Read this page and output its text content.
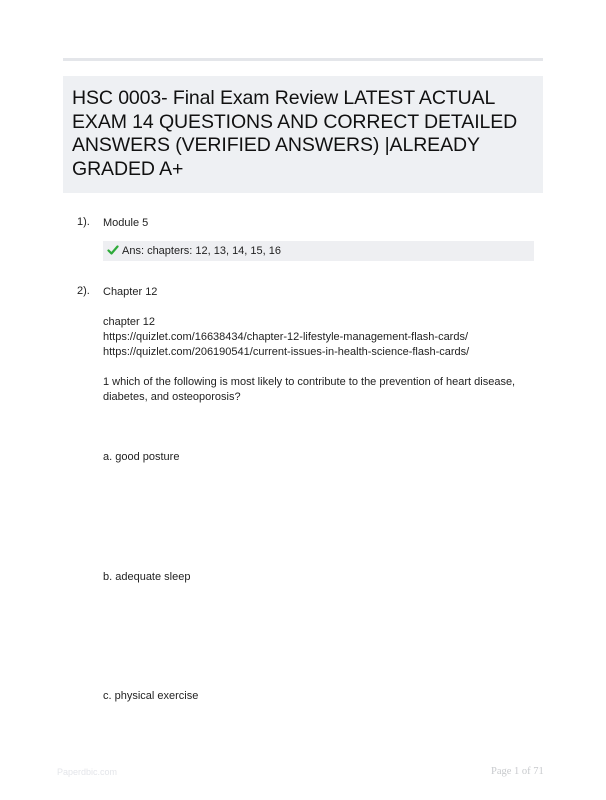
HSC 0003- Final Exam Review LATEST ACTUAL EXAM 14 QUESTIONS AND CORRECT DETAILED ANSWERS (VERIFIED ANSWERS) |ALREADY GRADED A+
1). Module 5
Ans: chapters: 12, 13, 14, 15, 16
2). Chapter 12
chapter 12
https://quizlet.com/16638434/chapter-12-lifestyle-management-flash-cards/
https://quizlet.com/206190541/current-issues-in-health-science-flash-cards/
1 which of the following is most likely to contribute to the prevention of heart disease, diabetes, and osteoporosis?
a. good posture
b. adequate sleep
c. physical exercise
Paperdbic.com	Page 1 of 71
